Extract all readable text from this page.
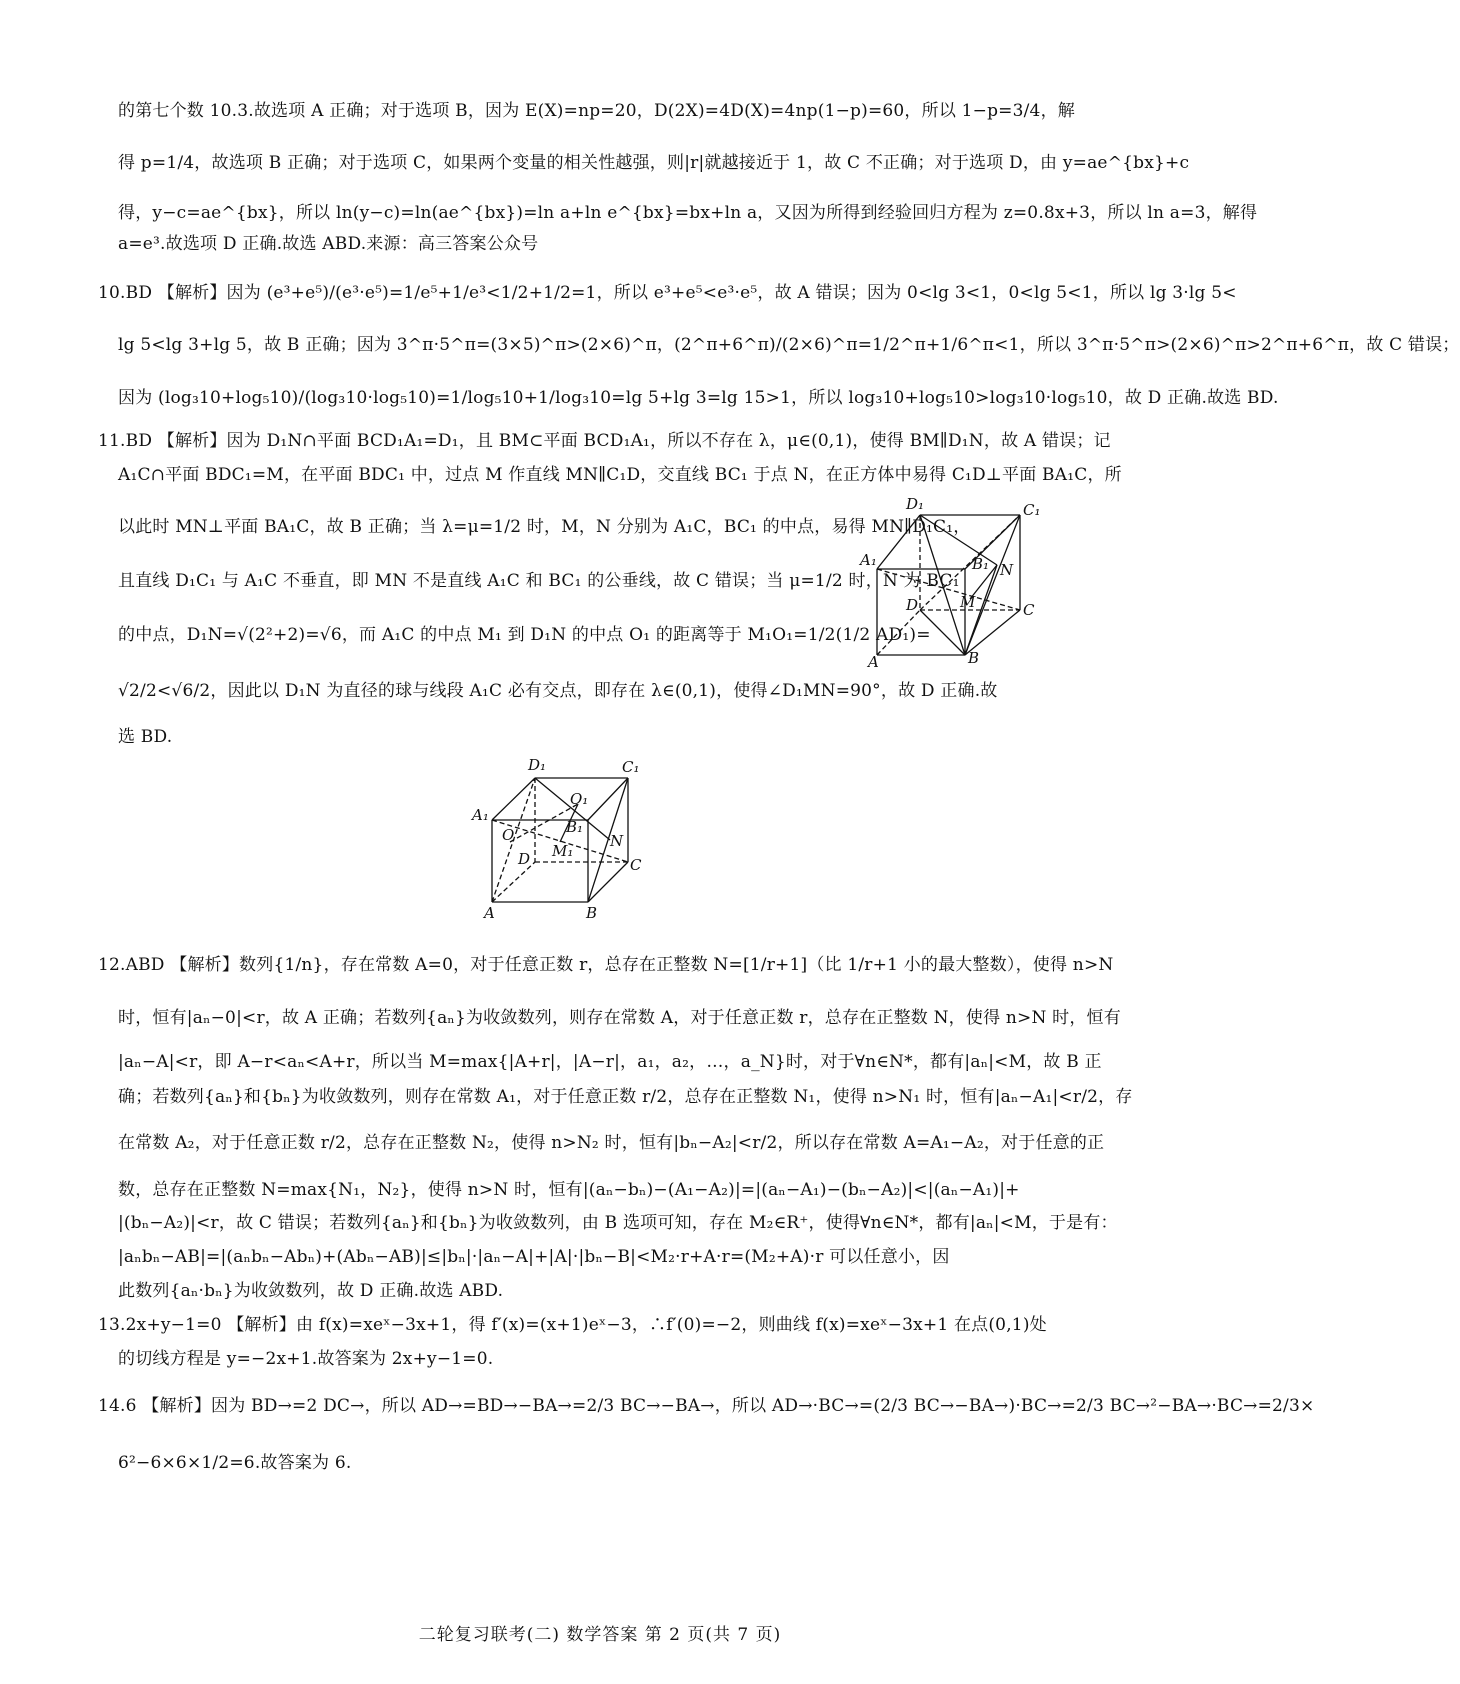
的第七个数 10.3.故选项 A 正确；对于选项 B，因为 E(X)=np=20，D(2X)=4D(X)=4np(1−p)=60，所以 1−p=3/4，解
得 p=1/4，故选项 B 正确；对于选项 C，如果两个变量的相关性越强，则|r|就越接近于 1，故 C 不正确；对于选项 D，由 y=ae^{bx}+c
得，y−c=ae^{bx}，所以 ln(y−c)=ln(ae^{bx})=ln a+ln e^{bx}=bx+ln a，又因为所得到经验回归方程为 z=0.8x+3，所以 ln a=3，解得
a=e³.故选项 D 正确.故选 ABD.来源：高三答案公众号
10.BD 【解析】因为 (e³+e⁵)/(e³·e⁵)=1/e⁵+1/e³<1/2+1/2=1，所以 e³+e⁵<e³·e⁵，故 A 错误；因为 0<lg 3<1，0<lg 5<1，所以 lg 3·lg 5<
lg 5<lg 3+lg 5，故 B 正确；因为 3^π·5^π=(3×5)^π>(2×6)^π，(2^π+6^π)/(2×6)^π=1/2^π+1/6^π<1，所以 3^π·5^π>(2×6)^π>2^π+6^π，故 C 错误；
因为 (log₃10+log₅10)/(log₃10·log₅10)=1/log₅10+1/log₃10=lg 5+lg 3=lg 15>1，所以 log₃10+log₅10>log₃10·log₅10，故 D 正确.故选 BD.
11.BD 【解析】因为 D₁N∩平面 BCD₁A₁=D₁，且 BM⊂平面 BCD₁A₁，所以不存在 λ，μ∈(0,1)，使得 BM∥D₁N，故 A 错误；记
A₁C∩平面 BDC₁=M，在平面 BDC₁ 中，过点 M 作直线 MN∥C₁D，交直线 BC₁ 于点 N，在正方体中易得 C₁D⊥平面 BA₁C，所
以此时 MN⊥平面 BA₁C，故 B 正确；当 λ=μ=1/2 时，M，N 分别为 A₁C，BC₁ 的中点，易得 MN∥D₁C₁，
且直线 D₁C₁ 与 A₁C 不垂直，即 MN 不是直线 A₁C 和 BC₁ 的公垂线，故 C 错误；当 μ=1/2 时，N 为 BC₁
的中点，D₁N=√(2²+2)=√6，而 A₁C 的中点 M₁ 到 D₁N 的中点 O₁ 的距离等于 M₁O₁=1/2(1/2 AD₁)=
√2/2<√6/2，因此以 D₁N 为直径的球与线段 A₁C 必有交点，即存在 λ∈(0,1)，使得∠D₁MN=90°，故 D 正确.故
选 BD.
D₁	C₁
A₁	B₁ N
D	M	C
A	B
D₁	C₁
O₁
A₁
B₁
O	N
D M₁
C
A	B
12.ABD 【解析】数列{1/n}，存在常数 A=0，对于任意正数 r，总存在正整数 N=[1/r+1]（比 1/r+1 小的最大整数），使得 n>N
时，恒有|aₙ−0|<r，故 A 正确；若数列{aₙ}为收敛数列，则存在常数 A，对于任意正数 r，总存在正整数 N，使得 n>N 时，恒有
|aₙ−A|<r，即 A−r<aₙ<A+r，所以当 M=max{|A+r|，|A−r|，a₁，a₂，…，a_N}时，对于∀n∈N*，都有|aₙ|<M，故 B 正
确；若数列{aₙ}和{bₙ}为收敛数列，则存在常数 A₁，对于任意正数 r/2，总存在正整数 N₁，使得 n>N₁ 时，恒有|aₙ−A₁|<r/2，存
在常数 A₂，对于任意正数 r/2，总存在正整数 N₂，使得 n>N₂ 时，恒有|bₙ−A₂|<r/2，所以存在常数 A=A₁−A₂，对于任意的正
数，总存在正整数 N=max{N₁，N₂}，使得 n>N 时，恒有|(aₙ−bₙ)−(A₁−A₂)|=|(aₙ−A₁)−(bₙ−A₂)|<|(aₙ−A₁)|+
|(bₙ−A₂)|<r，故 C 错误；若数列{aₙ}和{bₙ}为收敛数列，由 B 选项可知，存在 M₂∈R⁺，使得∀n∈N*，都有|aₙ|<M，于是有：
|aₙbₙ−AB|=|(aₙbₙ−Abₙ)+(Abₙ−AB)|≤|bₙ|·|aₙ−A|+|A|·|bₙ−B|<M₂·r+A·r=(M₂+A)·r 可以任意小，因
此数列{aₙ·bₙ}为收敛数列，故 D 正确.故选 ABD.
13.2x+y−1=0 【解析】由 f(x)=xeˣ−3x+1，得 f′(x)=(x+1)eˣ−3，∴f′(0)=−2，则曲线 f(x)=xeˣ−3x+1 在点(0,1)处
的切线方程是 y=−2x+1.故答案为 2x+y−1=0.
14.6 【解析】因为 BD→=2 DC→，所以 AD→=BD→−BA→=2/3 BC→−BA→，所以 AD→·BC→=(2/3 BC→−BA→)·BC→=2/3 BC→²−BA→·BC→=2/3×
6²−6×6×1/2=6.故答案为 6.
二轮复习联考(二) 数学答案 第 2 页(共 7 页)
